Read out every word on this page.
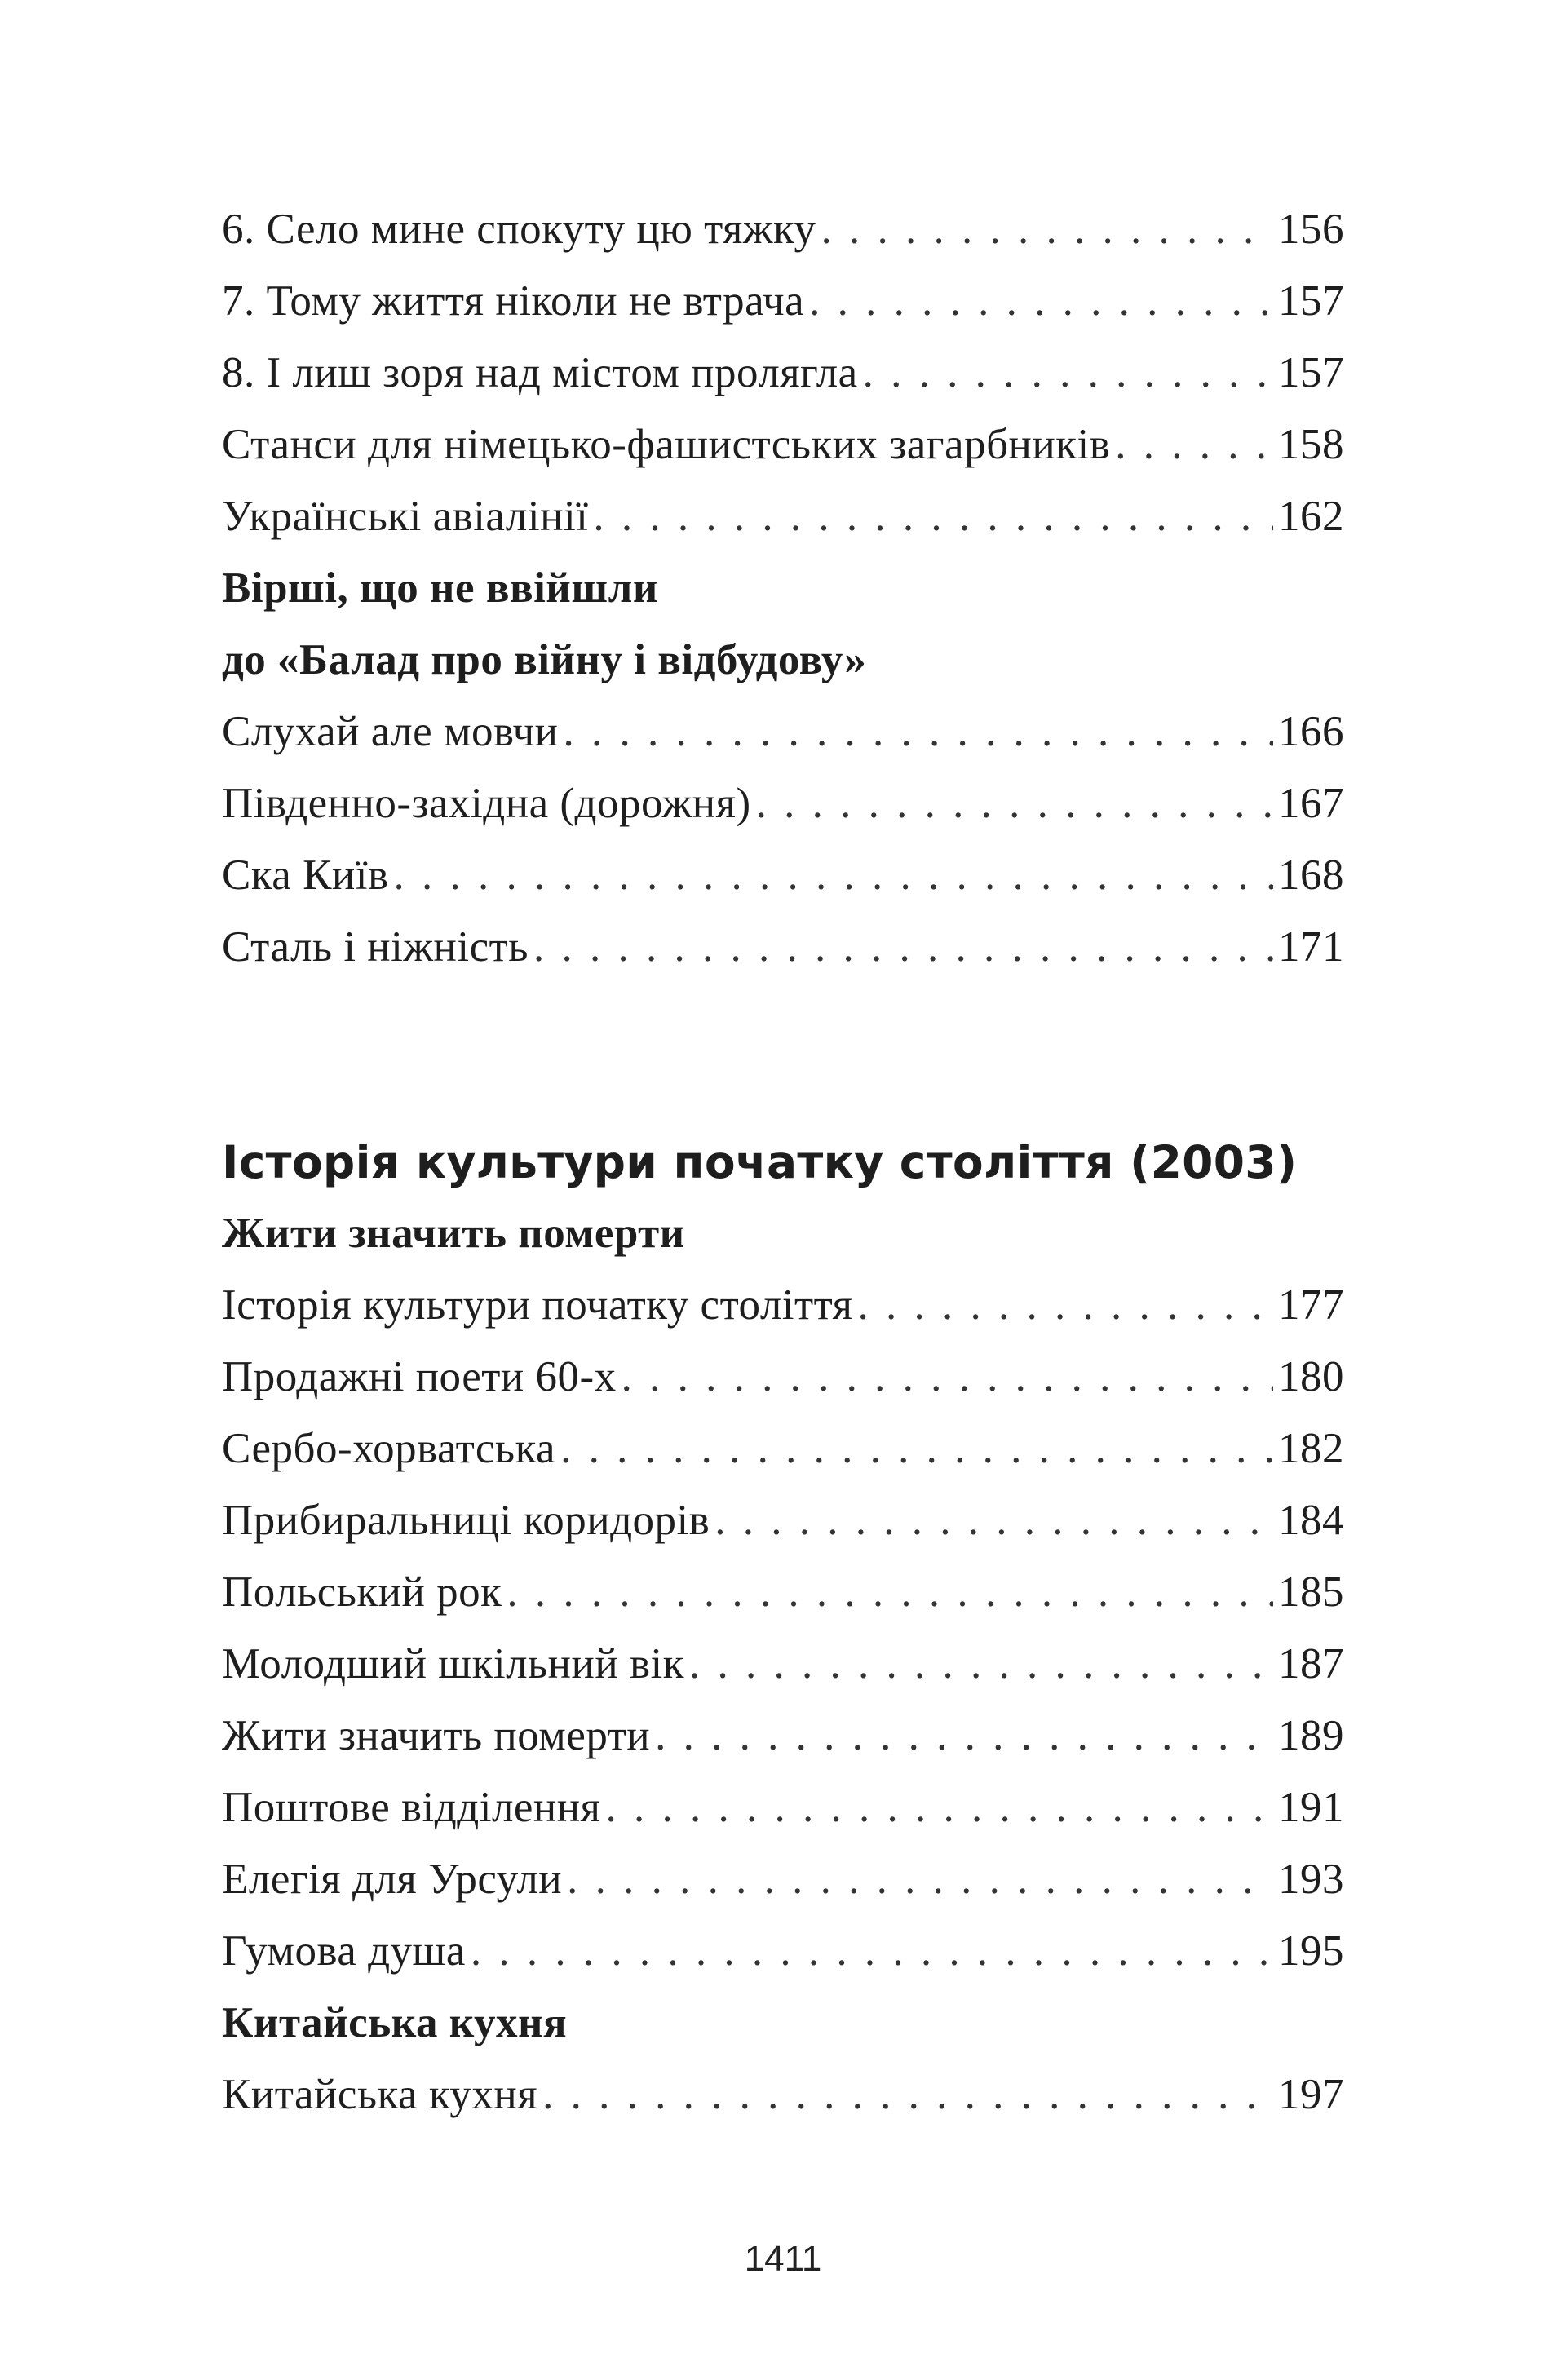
6. Село мине спокуту цю тяжку . . .	156
7. Тому життя ніколи не втрача . . .	157
8. І лиш зоря над містом пролягла . . .	157
Станси для німецько-фашистських загарбників . . .	158
Українські авіалінії . . .	162
Вірші, що не ввійшли
до «Балад про війну і відбудову»
Слухай але мовчи . . .	166
Південно-західна (дорожня) . . .	167
Ска Київ . . .	168
Сталь і ніжність . . .	171
Історія культури початку століття (2003)
Жити значить померти
Історія культури початку століття . . .	177
Продажні поети 60-х . . .	180
Сербо-хорватська . . .	182
Прибиральниці коридорів . . .	184
Польський рок . . .	185
Молодший шкільний вік . . .	187
Жити значить померти . . .	189
Поштове відділення . . .	191
Елегія для Урсули . . .	193
Гумова душа . . .	195
Китайська кухня
Китайська кухня . . .	197
1411
